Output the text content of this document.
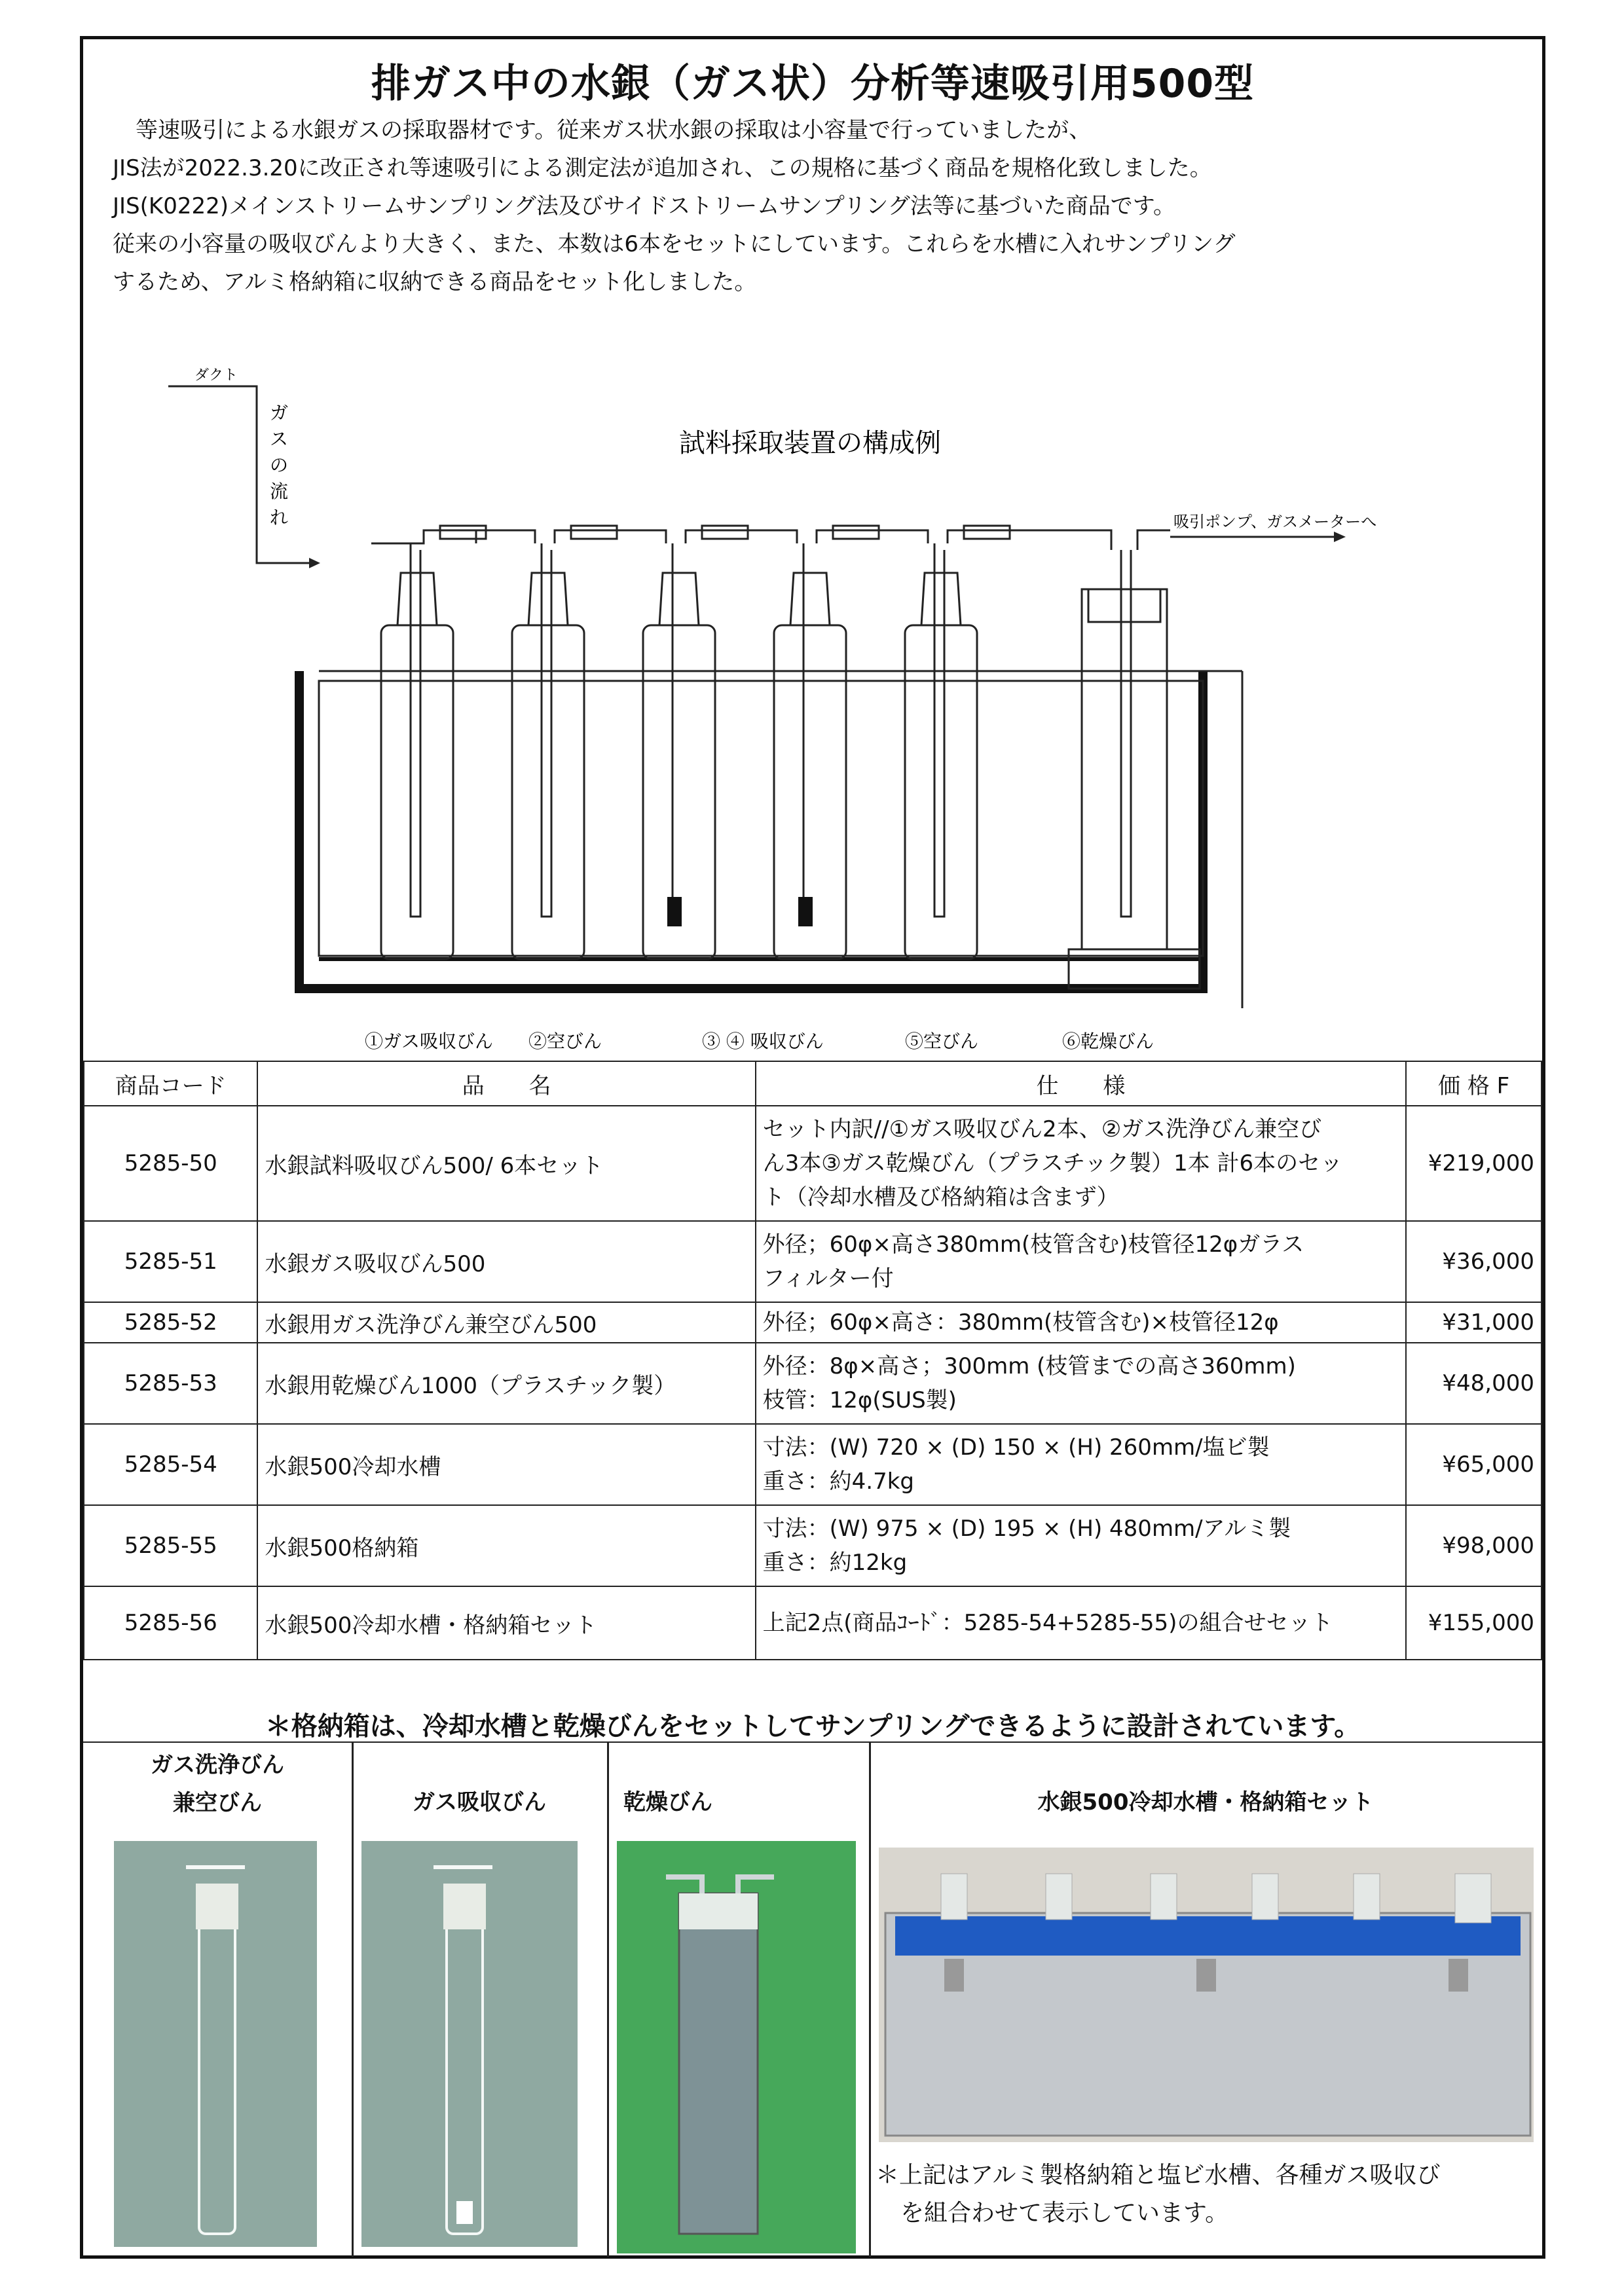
排ガス中の水銀（ガス状）分析等速吸引用500型
等速吸引による水銀ガスの採取器材です。従来ガス状水銀の採取は小容量で行っていましたが、
JIS法が2022.3.20に改正され等速吸引による測定法が追加され、この規格に基づく商品を規格化致しました。
JIS(K0222)メインストリームサンプリング法及びサイドストリームサンプリング法等に基づいた商品です。
従来の小容量の吸収びんより大きく、また、本数は6本をセットにしています。これらを水槽に入れサンプリング
するため、アルミ格納箱に収納できる商品をセット化しました。
ダクト
ガ
ス
の
流
れ
試料採取装置の構成例
吸引ポンプ、ガスメーターへ
①ガス吸収びん ②空びん	③ ④ 吸収びん	⑤空びん	⑥乾燥びん
商品コード	品　　名	仕　　様	価 格 F
5285-50	水銀試料吸収びん500/ 6本セット	セット内訳//①ガス吸収びん2本、②ガス洗浄びん兼空び
ん3本③ガス乾燥びん（プラスチック製）1本 計6本のセッ
ト（冷却水槽及び格納箱は含まず）	¥219,000
5285-51	水銀ガス吸収びん500	外径；60φ×高さ380mm(枝管含む)枝管径12φガラス
フィルター付	¥36,000
5285-52	水銀用ガス洗浄びん兼空びん500	外径；60φ×高さ：380mm(枝管含む)×枝管径12φ	¥31,000
5285-53	水銀用乾燥びん1000（プラスチック製）	外径：8φ×高さ；300mm (枝管までの高さ360mm)
枝管：12φ(SUS製)	¥48,000
5285-54	水銀500冷却水槽	寸法：(W) 720 × (D) 150 × (H) 260mm/塩ビ製
重さ：約4.7kg	¥65,000
5285-55	水銀500格納箱	寸法：(W) 975 × (D) 195 × (H) 480mm/アルミ製
重さ：約12kg	¥98,000
5285-56	水銀500冷却水槽・格納箱セット	上記2点(商品ｺｰﾄﾞ：5285-54+5285-55)の組合せセット	¥155,000
＊格納箱は、冷却水槽と乾燥びんをセットしてサンプリングできるように設計されています。
ガス洗浄びん
兼空びん	ガス吸収びん	乾燥びん	水銀500冷却水槽・格納箱セット
＊上記はアルミ製格納箱と塩ビ水槽、各種ガス吸収び
を組合わせて表示しています。
